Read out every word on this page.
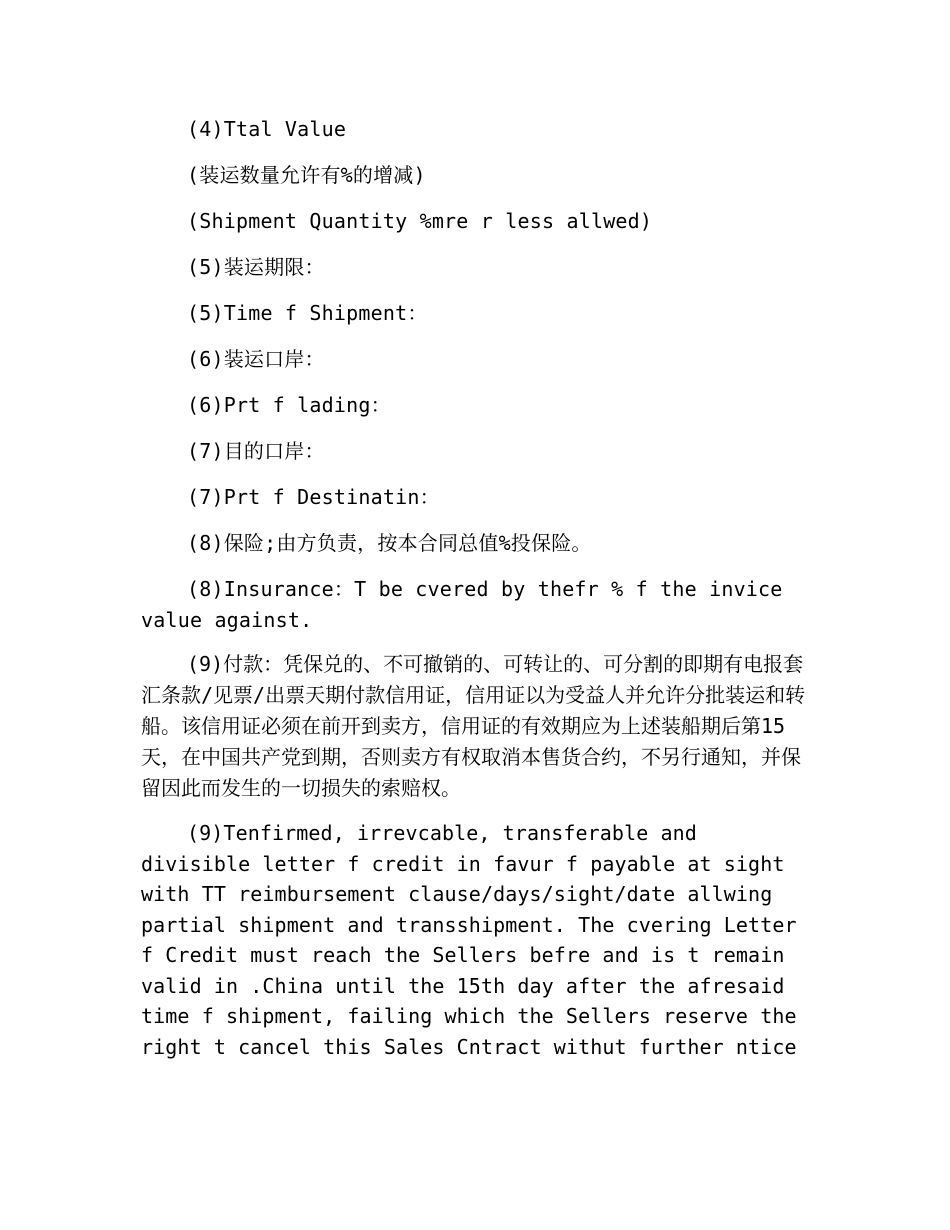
(4)Ttal Value

(装运数量允许有%的增减)

(Shipment Quantity %mre r less allwed)

(5)装运期限：

(5)Time f Shipment：

(6)装运口岸：

(6)Prt f lading：

(7)目的口岸：

(7)Prt f Destinatin：

(8)保险;由方负责，按本合同总值%投保险。

(8)Insurance：T be cvered by thefr % f the invice value against.

(9)付款：凭保兑的、不可撤销的、可转让的、可分割的即期有电报套汇条款/见票/出票天期付款信用证，信用证以为受益人并允许分批装运和转船。该信用证必须在前开到卖方，信用证的有效期应为上述装船期后第15天，在中国共产党到期，否则卖方有权取消本售货合约，不另行通知，并保留因此而发生的一切损失的索赔权。

(9)Tenfirmed, irrevcable, transferable and divisible letter f credit in favur f payable at sight with TT reimbursement clause/days/sight/date allwing partial shipment and transshipment. The cvering Letter f Credit must reach the Sellers befre and is t remain valid in .China until the 15th day after the afresaid time f shipment, failing which the Sellers reserve the right t cancel this Sales Cntract withut further ntice
